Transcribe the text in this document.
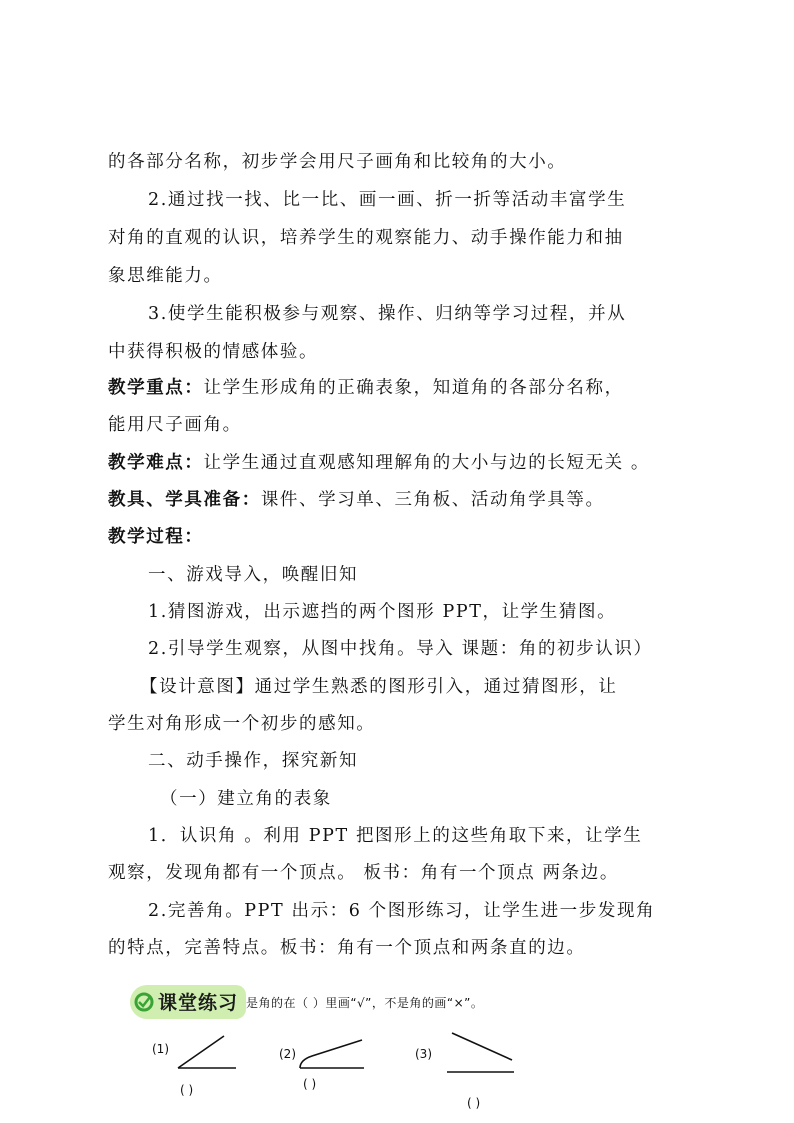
的各部分名称，初步学会用尺子画角和比较角的大小。
2.通过找一找、比一比、画一画、折一折等活动丰富学生
对角的直观的认识，培养学生的观察能力、动手操作能力和抽
象思维能力。
3.使学生能积极参与观察、操作、归纳等学习过程，并从
中获得积极的情感体验。
教学重点：让学生形成角的正确表象，知道角的各部分名称，
能用尺子画角。
教学难点：让学生通过直观感知理解角的大小与边的长短无关 。
教具、学具准备：课件、学习单、三角板、活动角学具等。
教学过程：
一、游戏导入，唤醒旧知
1.猜图游戏，出示遮挡的两个图形 PPT，让学生猜图。
2.引导学生观察，从图中找角。导入 课题：角的初步认识）
【设计意图】通过学生熟悉的图形引入，通过猜图形，让
学生对角形成一个初步的感知。
二、动手操作，探究新知
（一）建立角的表象
1．认识角 。利用 PPT 把图形上的这些角取下来，让学生
观察，发现角都有一个顶点。 板书：角有一个顶点 两条边。
2.完善角。PPT 出示：6 个图形练习，让学生进一步发现角
的特点，完善特点。板书：角有一个顶点和两条直的边。
课堂练习 是角的在（ ）里画“√”，不是角的画“×”。
(1)	(2)	(3)
( )	( )
( )
